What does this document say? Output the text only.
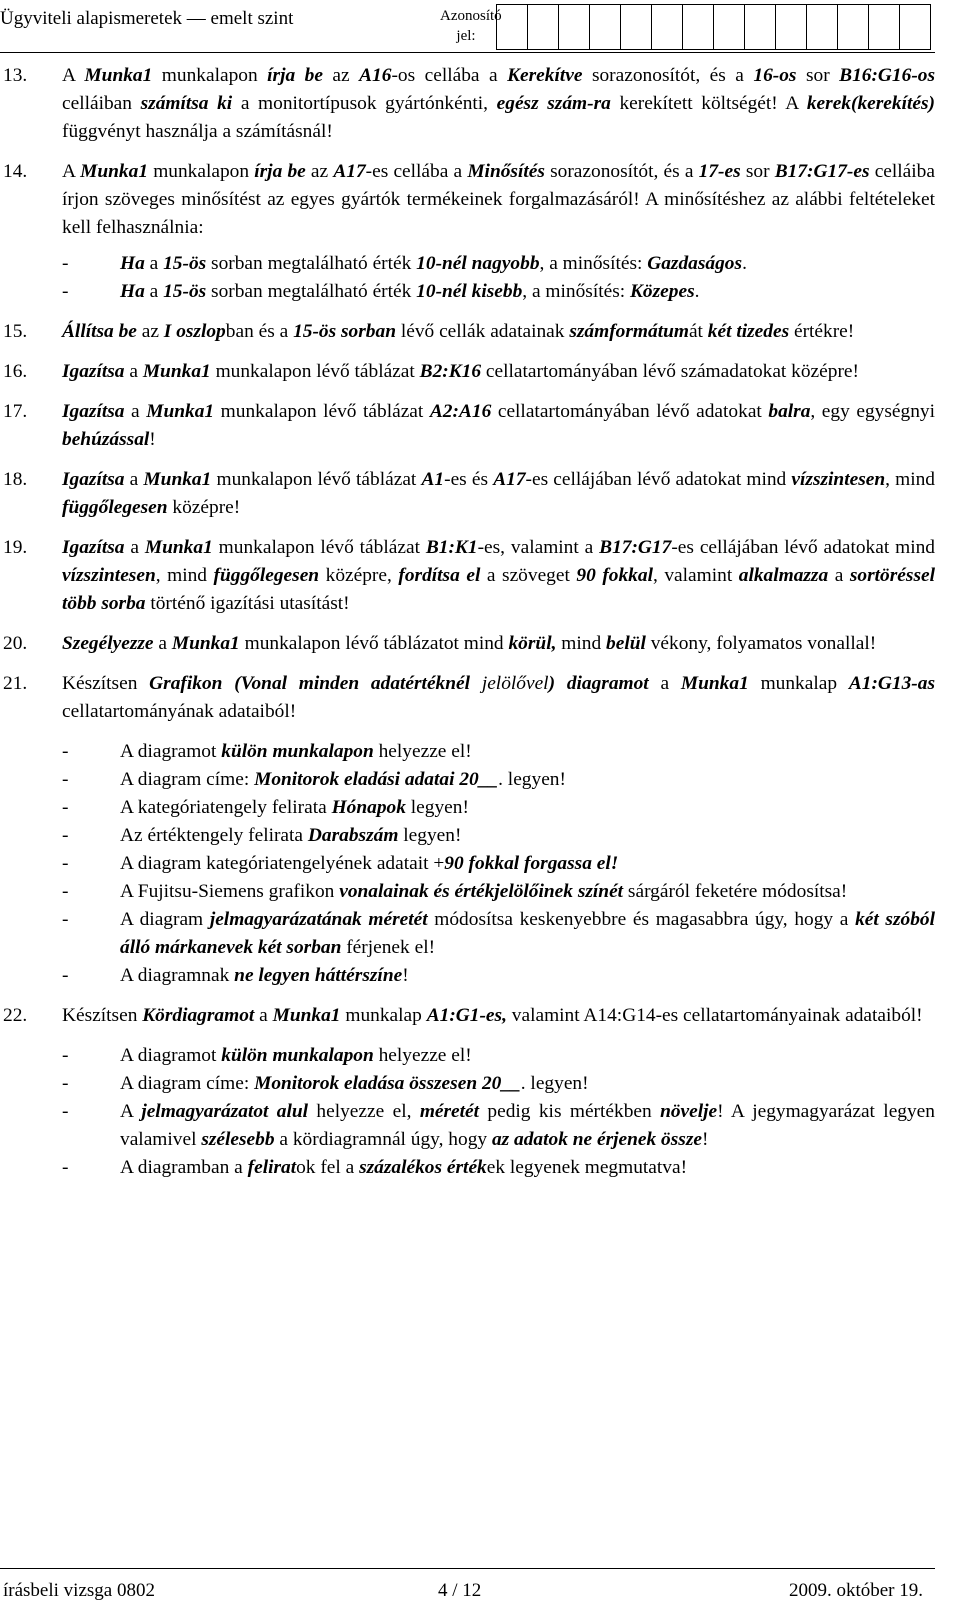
Ügyviteli alapismeretek — emelt szint	Azonosító jel:
13. A Munka1 munkalapon írja be az A16-os cellába a Kerekítve sorazonosítót, és a 16-os sor B16:G16-os celláiban számítsa ki a monitortípusok gyártónkénti, egész szám-ra kerekített költségét! A kerek(kerekítés) függvényt használja a számításnál!
14. A Munka1 munkalapon írja be az A17-es cellába a Minősítés sorazonosítót, és a 17-es sor B17:G17-es celláiba írjon szöveges minősítést az egyes gyártók termékeinek forgalmazásáról! A minősítéshez az alábbi feltételeket kell felhasználnia:
-	Ha a 15-ös sorban megtalálható érték 10-nél nagyobb, a minősítés: Gazdaságos.
-	Ha a 15-ös sorban megtalálható érték 10-nél kisebb, a minősítés: Közepes.
15. Állítsa be az I oszlopban és a 15-ös sorban lévő cellák adatainak számformátumát két tizedes értékre!
16. Igazítsa a Munka1 munkalapon lévő táblázat B2:K16 cellatartományában lévő számadatokat középre!
17. Igazítsa a Munka1 munkalapon lévő táblázat A2:A16 cellatartományában lévő adatokat balra, egy egységnyi behúzással!
18. Igazítsa a Munka1 munkalapon lévő táblázat A1-es és A17-es cellájában lévő adatokat mind vízszintesen, mind függőlegesen középre!
19. Igazítsa a Munka1 munkalapon lévő táblázat B1:K1-es, valamint a B17:G17-es cellájában lévő adatokat mind vízszintesen, mind függőlegesen középre, fordítsa el a szöveget 90 fokkal, valamint alkalmazza a sortöréssel több sorba történő igazítási utasítást!
20. Szegélyezze a Munka1 munkalapon lévő táblázatot mind körül, mind belül vékony, folyamatos vonallal!
21. Készítsen Grafikon (Vonal minden adatértéknél jelölővel) diagramot a Munka1 munkalap A1:G13-as cellatartományának adataiból!
-	A diagramot külön munkalapon helyezze el!
-	A diagram címe: Monitorok eladási adatai 20__. legyen!
-	A kategóriatengely felirata Hónapok legyen!
-	Az értéktengely felirata Darabszám legyen!
-	A diagram kategóriatengelyének adatait +90 fokkal forgassa el!
-	A Fujitsu-Siemens grafikon vonalainak és értékjelölőinek színét sárgáról feketére módosítsa!
-	A diagram jelmagyarázatának méretét módosítsa keskenyebbre és magasabbra úgy, hogy a két szóból álló márkanevek két sorban férjenek el!
-	A diagramnak ne legyen háttérszíne!
22. Készítsen Kördiagramot a Munka1 munkalap A1:G1-es, valamint A14:G14-es cellatartományainak adataiból!
-	A diagramot külön munkalapon helyezze el!
-	A diagram címe: Monitorok eladása összesen 20__. legyen!
-	A jelmagyarázatot alul helyezze el, méretét pedig kis mértékben növelje! A jegymagyarázat legyen valamivel szélesebb a kördiagramnál úgy, hogy az adatok ne érjenek össze!
-	A diagramban a feliratok fel a százalékos értékek legyenek megmutatva!
írásbeli vizsga 0802	4 / 12	2009. október 19.
